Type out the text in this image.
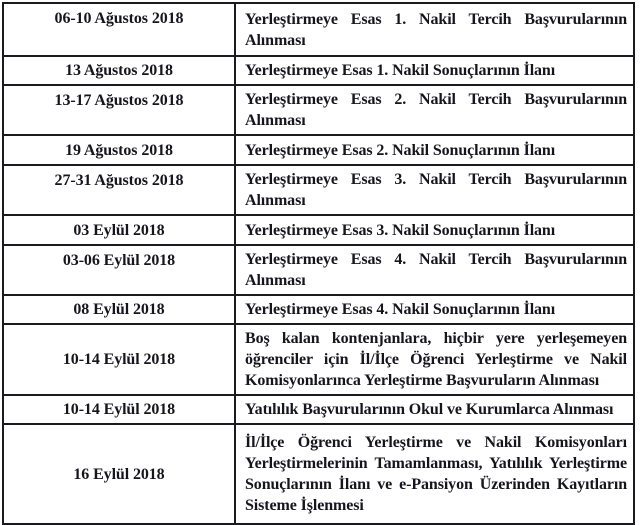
06-10 Ağustos 2018	Yerleştirmeye Esas 1. Nakil Tercih Başvurularının
Alınması

13 Ağustos 2018	Yerleştirmeye Esas 1. Nakil Sonuçlarının İlanı

13-17 Ağustos 2018	Yerleştirmeye Esas 2. Nakil Tercih Başvurularının
Alınması

19 Ağustos 2018	Yerleştirmeye Esas 2. Nakil Sonuçlarının İlanı

27-31 Ağustos 2018	Yerleştirmeye Esas 3. Nakil Tercih Başvurularının
Alınması

03 Eylül 2018	Yerleştirmeye Esas 3. Nakil Sonuçlarının İlanı

03-06 Eylül 2018	Yerleştirmeye Esas 4. Nakil Tercih Başvurularının
Alınması

08 Eylül 2018	Yerleştirmeye Esas 4. Nakil Sonuçlarının İlanı

10-14 Eylül 2018	Boş kalan kontenjanlara, hiçbir yere yerleşemeyen
öğrenciler için İl/İlçe Öğrenci Yerleştirme ve Nakil
Komisyonlarınca Yerleştirme Başvuruların Alınması

10-14 Eylül 2018	Yatılılık Başvurularının Okul ve Kurumlarca Alınması

16 Eylül 2018	İl/İlçe Öğrenci Yerleştirme ve Nakil Komisyonları
Yerleştirmelerinin Tamamlanması, Yatılılık Yerleştirme
Sonuçlarının İlanı ve e-Pansiyon Üzerinden Kayıtların
Sisteme İşlenmesi
